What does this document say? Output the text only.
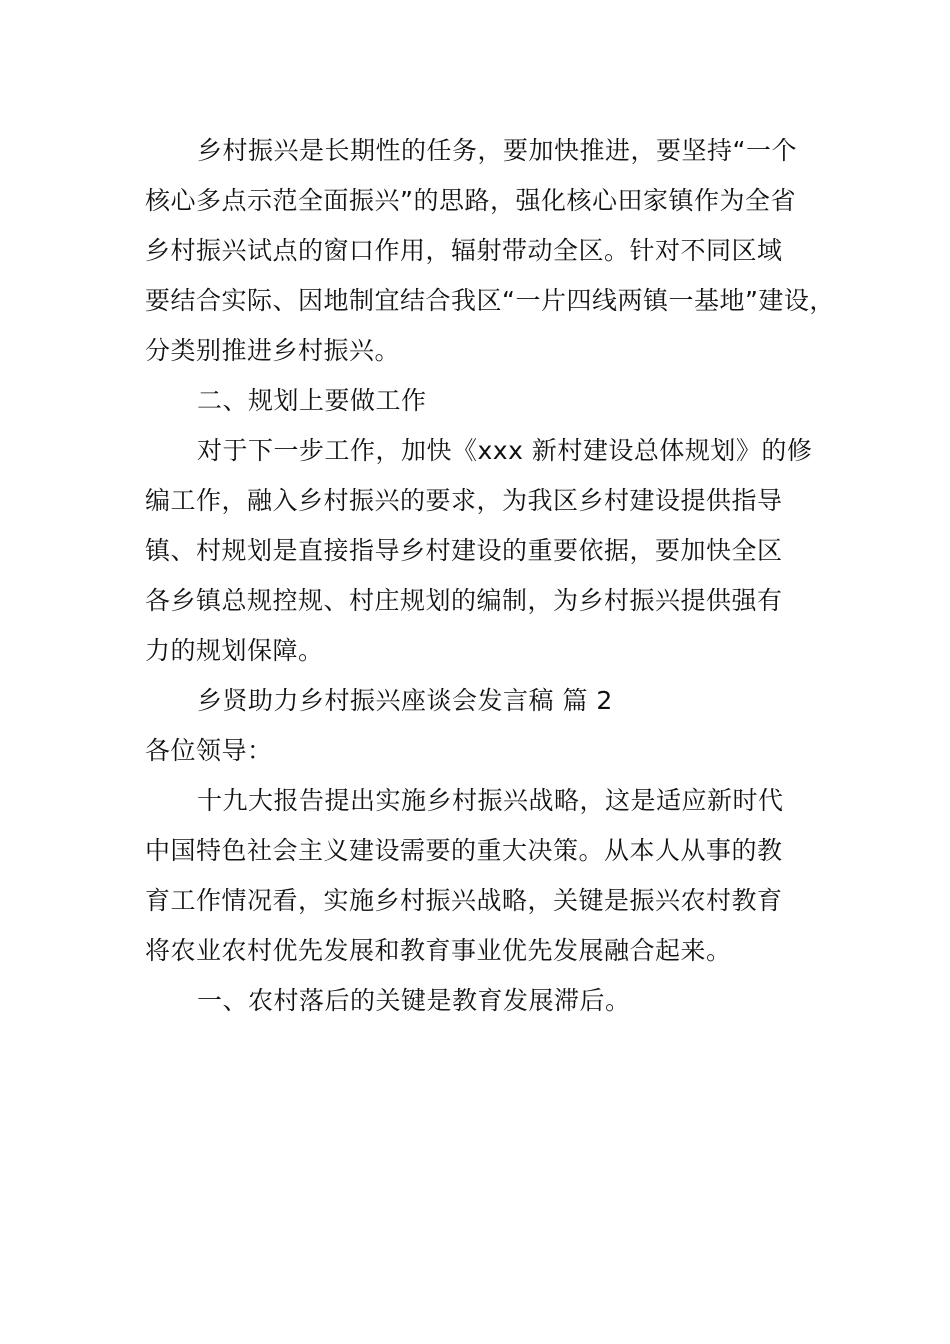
乡村振兴是长期性的任务，要加快推进，要坚持“一个
核心多点示范全面振兴”的思路，强化核心田家镇作为全省
乡村振兴试点的窗口作用，辐射带动全区。针对不同区域
要结合实际、因地制宜结合我区“一片四线两镇一基地”建设，
分类别推进乡村振兴。
二、规划上要做工作
对于下一步工作，加快《xxx 新村建设总体规划》的修
编工作，融入乡村振兴的要求，为我区乡村建设提供指导
镇、村规划是直接指导乡村建设的重要依据，要加快全区
各乡镇总规控规、村庄规划的编制，为乡村振兴提供强有
力的规划保障。
乡贤助力乡村振兴座谈会发言稿 篇 2
各位领导：
十九大报告提出实施乡村振兴战略，这是适应新时代
中国特色社会主义建设需要的重大决策。从本人从事的教
育工作情况看，实施乡村振兴战略，关键是振兴农村教育
将农业农村优先发展和教育事业优先发展融合起来。
一、农村落后的关键是教育发展滞后。
